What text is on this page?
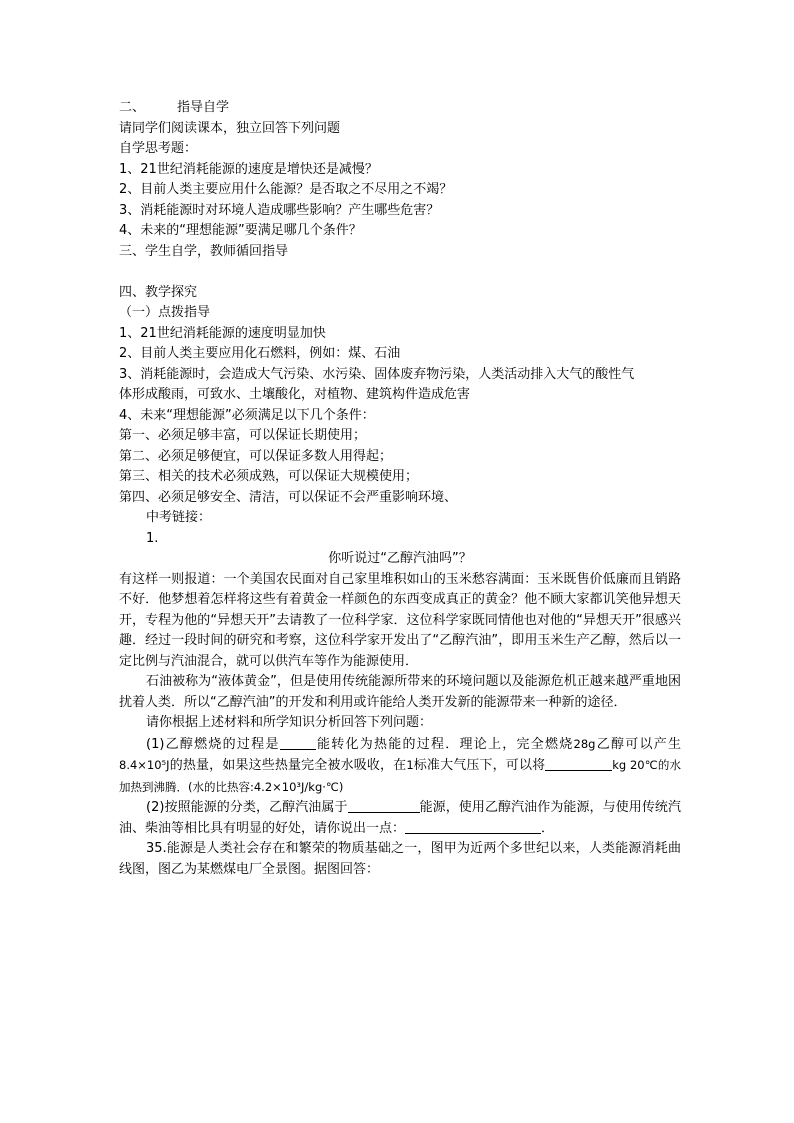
二、 指导自学
请同学们阅读课本，独立回答下列问题
自学思考题：
1、21世纪消耗能源的速度是增快还是减慢？
2、目前人类主要应用什么能源？是否取之不尽用之不竭？
3、消耗能源时对环境人造成哪些影响？产生哪些危害？
4、未来的“理想能源”要满足哪几个条件？
三、学生自学，教师循回指导
四、教学探究
（一）点拨指导
1、21世纪消耗能源的速度明显加快
2、目前人类主要应用化石燃料，例如：煤、石油
3、消耗能源时，会造成大气污染、水污染、固体废弃物污染，人类活动排入大气的酸性气
体形成酸雨，可致水、土壤酸化，对植物、建筑构件造成危害
4、未来“理想能源”必须满足以下几个条件：
第一、必须足够丰富，可以保证长期使用；
第二、必须足够便宜，可以保证多数人用得起；
第三、相关的技术必须成熟，可以保证大规模使用；
第四、必须足够安全、清洁，可以保证不会严重影响环境、
中考链接：
1.
你听说过“乙醇汽油吗”？
有这样一则报道：一个美国农民面对自己家里堆积如山的玉米愁容满面：玉米既售价低廉而且销路不好．他梦想着怎样将这些有着黄金一样颜色的东西变成真正的黄金？他不顾大家都讥笑他异想天开，专程为他的“异想天开”去请教了一位科学家．这位科学家既同情他也对他的“异想天开”很感兴趣．经过一段时间的研究和考察，这位科学家开发出了“乙醇汽油”，即用玉米生产乙醇，然后以一定比例与汽油混合，就可以供汽车等作为能源使用．
石油被称为“液体黄金”，但是使用传统能源所带来的环境问题以及能源危机正越来越严重地困扰着人类．所以“乙醇汽油”的开发和利用或许能给人类开发新的能源带来一种新的途径．
请你根据上述材料和所学知识分析回答下列问题：
(1)乙醇燃烧的过程是	能转化为热能的过程．理论上，完全燃烧28g乙醇可以产生8.4×10⁵J的热量，如果这些热量完全被水吸收，在1标准大气压下，可以将	kg 20℃的水加热到沸腾．(水的比热容:4.2×10³J/kg·℃)
(2)按照能源的分类，乙醇汽油属于	能源，使用乙醇汽油作为能源，与使用传统汽油、柴油等相比具有明显的好处，请你说出一点：	．
35.能源是人类社会存在和繁荣的物质基础之一，图甲为近两个多世纪以来，人类能源消耗曲线图，图乙为某燃煤电厂全景图。据图回答：
